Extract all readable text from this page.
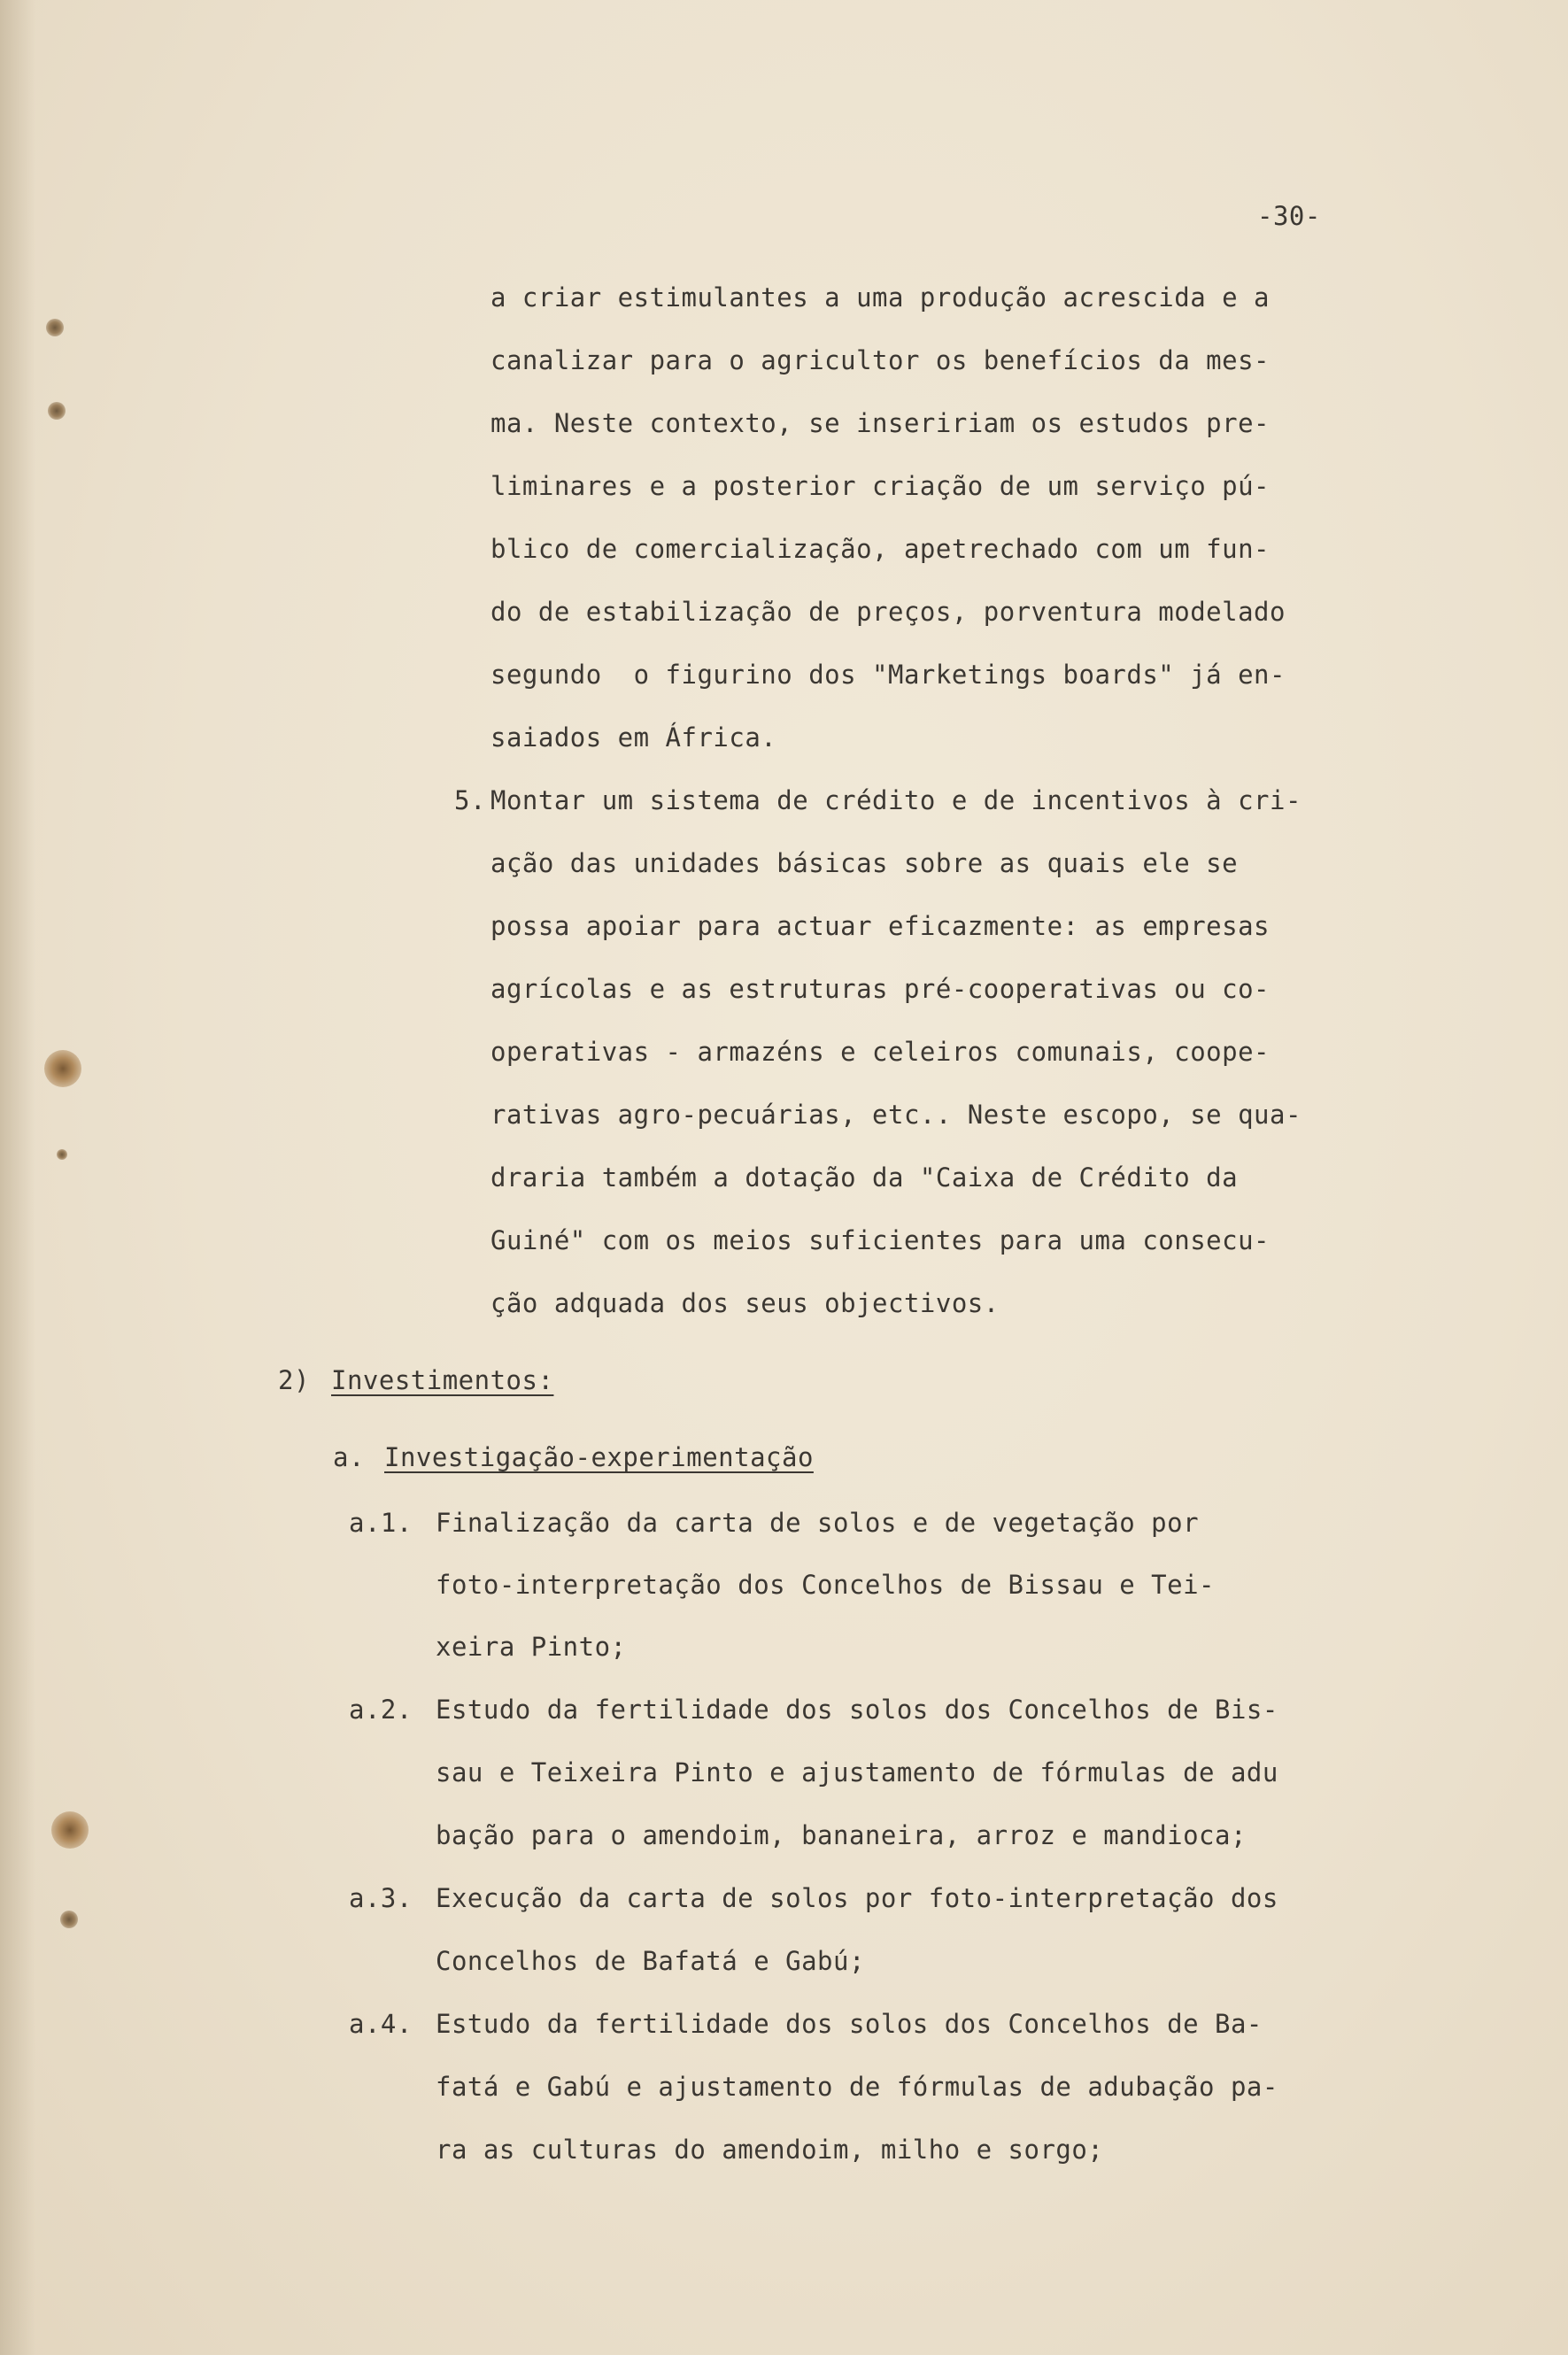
-30-
a criar estimulantes a uma produção acrescida e a
canalizar para o agricultor os benefícios da mes-
ma. Neste contexto, se inseririam os estudos pre-
liminares e a posterior criação de um serviço pú-
blico de comercialização, apetrechado com um fun-
do de estabilização de preços, porventura modelado
segundo  o figurino dos "Marketings boards" já en-
saiados em África.
5. Montar um sistema de crédito e de incentivos à cri-
ação das unidades básicas sobre as quais ele se
possa apoiar para actuar eficazmente: as empresas
agrícolas e as estruturas pré-cooperativas ou co-
operativas - armazéns e celeiros comunais, coope-
rativas agro-pecuárias, etc.. Neste escopo, se qua-
draria também a dotação da "Caixa de Crédito da
Guiné" com os meios suficientes para uma consecu-
ção adquada dos seus objectivos.
2) Investimentos:
a. Investigação-experimentação
a.1. Finalização da carta de solos e de vegetação por
foto-interpretação dos Concelhos de Bissau e Tei-
xeira Pinto;
a.2. Estudo da fertilidade dos solos dos Concelhos de Bis-
sau e Teixeira Pinto e ajustamento de fórmulas de adu
bação para o amendoim, bananeira, arroz e mandioca;
a.3. Execução da carta de solos por foto-interpretação dos
Concelhos de Bafatá e Gabú;
a.4. Estudo da fertilidade dos solos dos Concelhos de Ba-
fatá e Gabú e ajustamento de fórmulas de adubação pa-
ra as culturas do amendoim, milho e sorgo;
